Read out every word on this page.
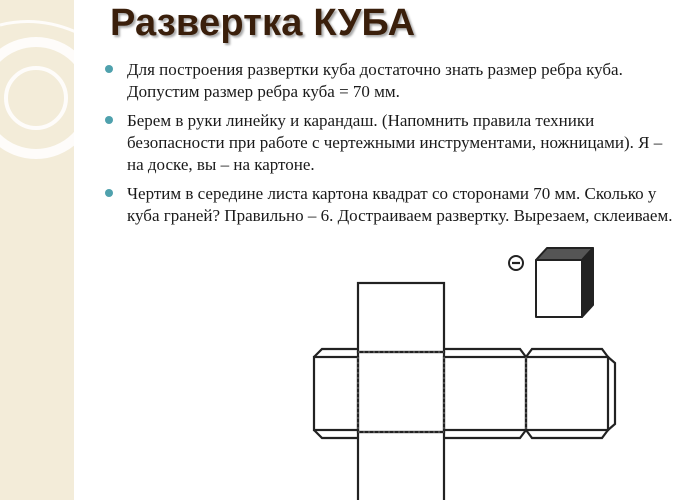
Развертка КУБА
Для построения развертки куба достаточно знать размер ребра куба. Допустим размер ребра куба = 70 мм.
Берем в руки линейку и карандаш. (Напомнить правила техники безопасности при работе с чертежными инструментами, ножницами). Я – на доске, вы – на картоне.
Чертим в середине листа картона квадрат со сторонами 70 мм. Сколько у куба граней? Правильно – 6. Достраиваем развертку. Вырезаем, склеиваем.
